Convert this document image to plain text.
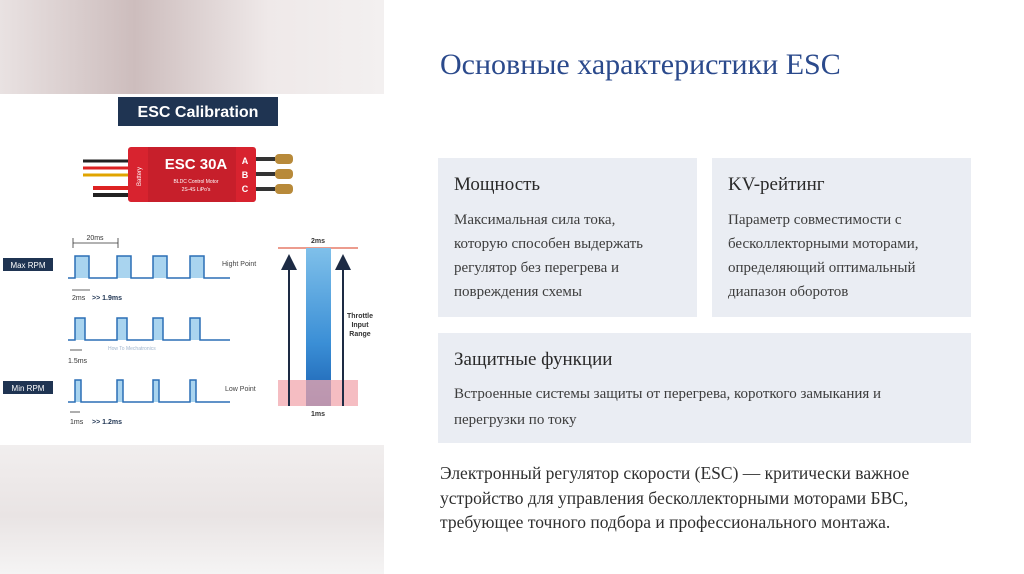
ESC Calibration
Battery
ESC 30A
BLDC Control Motor
2S-4S LiPo's
A
B
C
20ms
Max RPM	Hight Point
2ms >> 1.9ms
How To Mechatronics
1.5ms
Min RPM	Low Point
1ms >> 1.2ms
2ms
Throttle
Input
Range
1ms
Основные характеристики ESC
Мощность
Максимальная сила тока,
которую способен выдержать
регулятор без перегрева и
повреждения схемы
KV-рейтинг
Параметр совместимости с
бесколлекторными моторами,
определяющий оптимальный
диапазон оборотов
Защитные функции
Встроенные системы защиты от перегрева, короткого замыкания и
перегрузки по току
Электронный регулятор скорости (ESC) — критически важное устройство для управления бесколлекторными моторами БВС, требующее точного подбора и профессионального монтажа.
